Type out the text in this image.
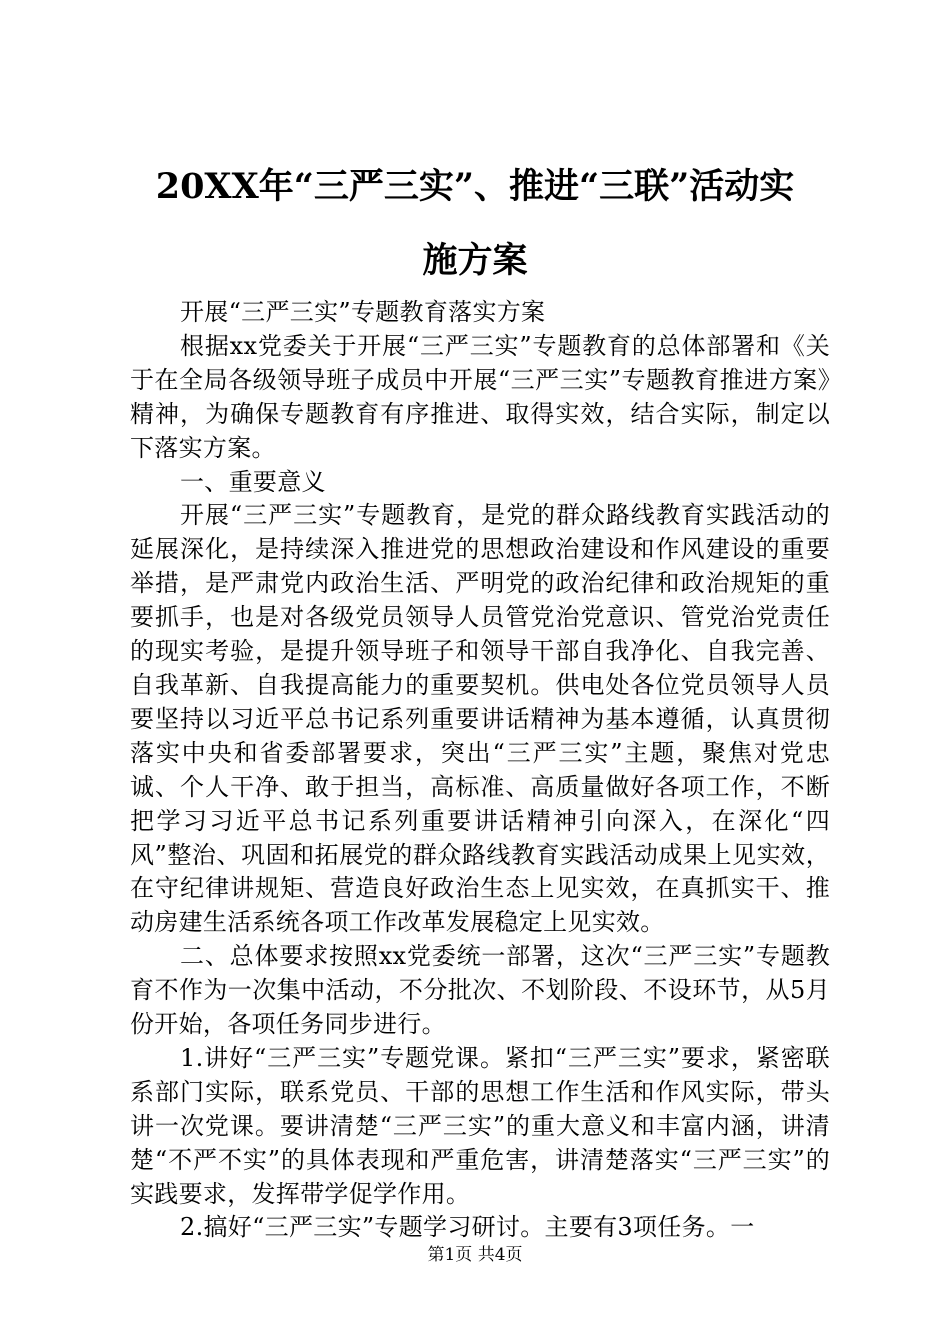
20XX年“三严三实”、推进“三联”活动实
施方案

开展“三严三实”专题教育落实方案

根据xx党委关于开展“三严三实”专题教育的总体部署和《关于在全局各级领导班子成员中开展“三严三实”专题教育推进方案》精神，为确保专题教育有序推进、取得实效，结合实际，制定以下落实方案。

一、重要意义

开展“三严三实”专题教育，是党的群众路线教育实践活动的延展深化，是持续深入推进党的思想政治建设和作风建设的重要举措，是严肃党内政治生活、严明党的政治纪律和政治规矩的重要抓手，也是对各级党员领导人员管党治党意识、管党治党责任的现实考验，是提升领导班子和领导干部自我净化、自我完善、自我革新、自我提高能力的重要契机。供电处各位党员领导人员要坚持以习近平总书记系列重要讲话精神为基本遵循，认真贯彻落实中央和省委部署要求，突出“三严三实”主题，聚焦对党忠诚、个人干净、敢于担当，高标准、高质量做好各项工作，不断把学习习近平总书记系列重要讲话精神引向深入，在深化“四风”整治、巩固和拓展党的群众路线教育实践活动成果上见实效，在守纪律讲规矩、营造良好政治生态上见实效，在真抓实干、推动房建生活系统各项工作改革发展稳定上见实效。

二、总体要求按照xx党委统一部署，这次“三严三实”专题教育不作为一次集中活动，不分批次、不划阶段、不设环节，从5月份开始，各项任务同步进行。

1.讲好“三严三实”专题党课。紧扣“三严三实”要求，紧密联系部门实际，联系党员、干部的思想工作生活和作风实际，带头讲一次党课。要讲清楚“三严三实”的重大意义和丰富内涵，讲清楚“不严不实”的具体表现和严重危害，讲清楚落实“三严三实”的实践要求，发挥带学促学作用。

2.搞好“三严三实”专题学习研讨。主要有3项任务。一

第1页 共4页
